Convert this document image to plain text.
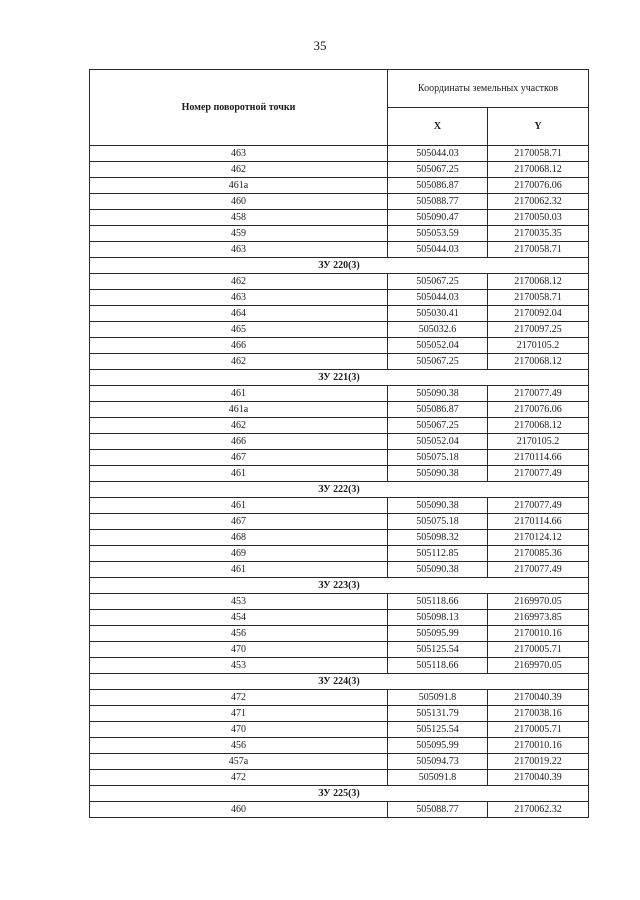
35
Номер поворотной точки	Координаты земельных участков	
	X	Y
463	505044.03	2170058.71
462	505067.25	2170068.12
461а	505086.87	2170076.06
460	505088.77	2170062.32
458	505090.47	2170050.03
459	505053.59	2170035.35
463	505044.03	2170058.71
ЗУ 220(3)		
462	505067.25	2170068.12
463	505044.03	2170058.71
464	505030.41	2170092.04
465	505032.6	2170097.25
466	505052.04	2170105.2
462	505067.25	2170068.12
ЗУ 221(3)		
461	505090.38	2170077.49
461а	505086.87	2170076.06
462	505067.25	2170068.12
466	505052.04	2170105.2
467	505075.18	2170114.66
461	505090.38	2170077.49
ЗУ 222(3)		
461	505090.38	2170077.49
467	505075.18	2170114.66
468	505098.32	2170124.12
469	505112.85	2170085.36
461	505090.38	2170077.49
ЗУ 223(3)		
453	505118.66	2169970.05
454	505098.13	2169973.85
456	505095.99	2170010.16
470	505125.54	2170005.71
453	505118.66	2169970.05
ЗУ 224(3)		
472	505091.8	2170040.39
471	505131.79	2170038.16
470	505125.54	2170005.71
456	505095.99	2170010.16
457а	505094.73	2170019.22
472	505091.8	2170040.39
ЗУ 225(3)		
460	505088.77	2170062.32
